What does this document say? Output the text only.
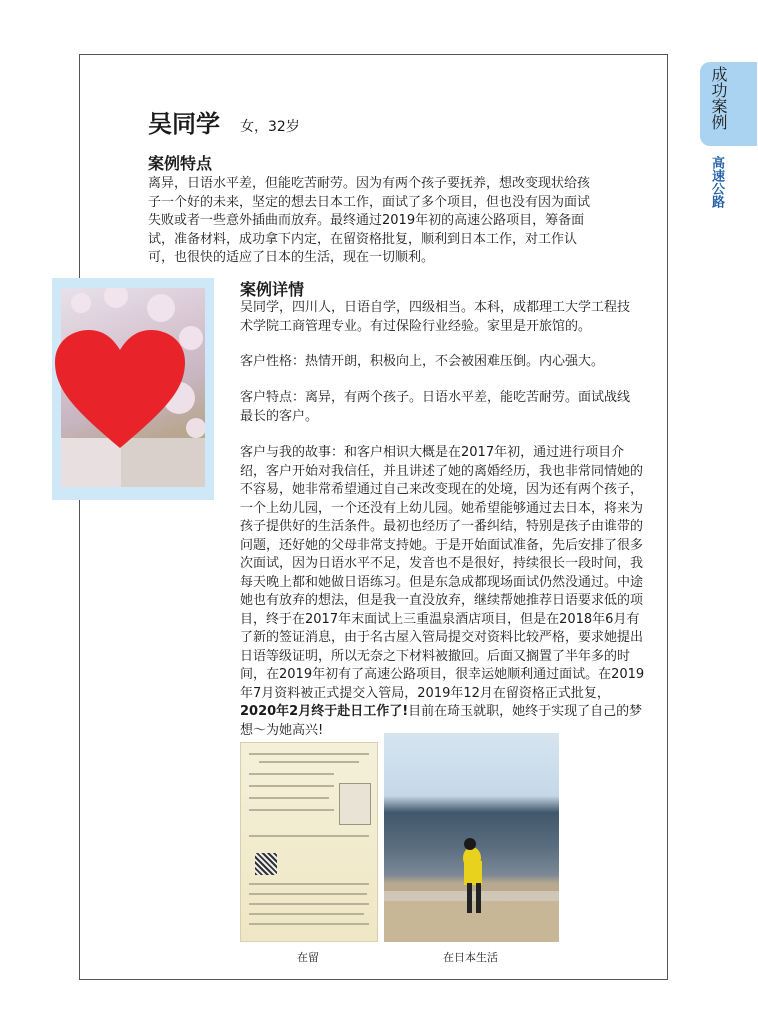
成功案例
高速公路
吴同学 女，32岁
案例特点
离异，日语水平差，但能吃苦耐劳。因为有两个孩子要抚养，想改变现状给孩子一个好的未来，坚定的想去日本工作，面试了多个项目，但也没有因为面试失败或者一些意外插曲而放弃。最终通过2019年初的高速公路项目，筹备面试，准备材料，成功拿下内定，在留资格批复，顺利到日本工作，对工作认可，也很快的适应了日本的生活，现在一切顺利。
案例详情
吴同学，四川人，日语自学，四级相当。本科，成都理工大学工程技术学院工商管理专业。有过保险行业经验。家里是开旅馆的。
客户性格：热情开朗，积极向上，不会被困难压倒。内心强大。
客户特点：离异，有两个孩子。日语水平差，能吃苦耐劳。面试战线最长的客户。
客户与我的故事：和客户相识大概是在2017年初，通过进行项目介绍，客户开始对我信任，并且讲述了她的离婚经历，我也非常同情她的不容易，她非常希望通过自己来改变现在的处境，因为还有两个孩子，一个上幼儿园，一个还没有上幼儿园。她希望能够通过去日本，将来为孩子提供好的生活条件。最初也经历了一番纠结，特别是孩子由谁带的问题，还好她的父母非常支持她。于是开始面试准备，先后安排了很多次面试，因为日语水平不足，发音也不是很好，持续很长一段时间，我每天晚上都和她做日语练习。但是东急成都现场面试仍然没通过。中途她也有放弃的想法，但是我一直没放弃，继续帮她推荐日语要求低的项目，终于在2017年末面试上三重温泉酒店项目，但是在2018年6月有了新的签证消息，由于名古屋入管局提交对资料比较严格，要求她提出日语等级证明，所以无奈之下材料被撤回。后面又搁置了半年多的时间，在2019年初有了高速公路项目，很幸运她顺利通过面试。在2019年7月资料被正式提交入管局，2019年12月在留资格正式批复，2020年2月终于赴日工作了!目前在琦玉就职，她终于实现了自己的梦想～为她高兴!
在留	在日本生活
